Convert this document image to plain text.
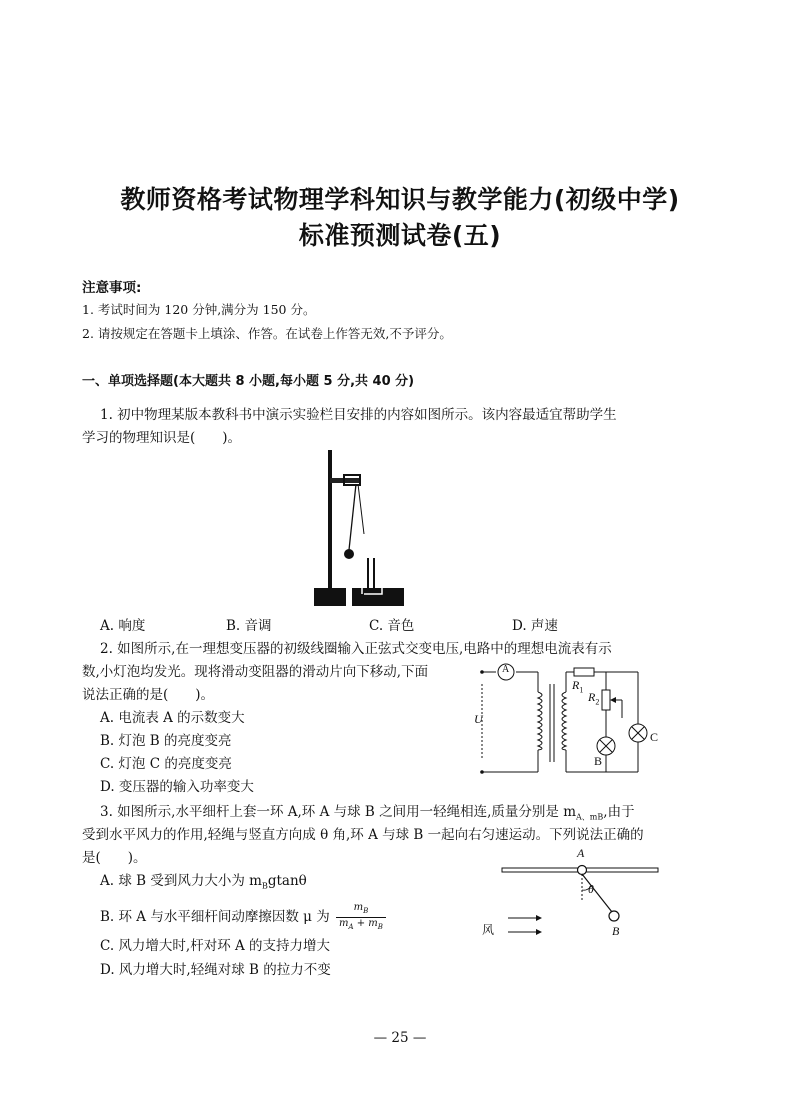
教师资格考试物理学科知识与教学能力(初级中学)
标准预测试卷(五)
注意事项:
1. 考试时间为 120 分钟,满分为 150 分。
2. 请按规定在答题卡上填涂、作答。在试卷上作答无效,不予评分。
一、单项选择题(本大题共 8 小题,每小题 5 分,共 40 分)
1. 初中物理某版本教科书中演示实验栏目安排的内容如图所示。该内容最适宜帮助学生
学习的物理知识是(　　)。
A. 响度	B. 音调	C. 音色	D. 声速
2. 如图所示,在一理想变压器的初级线圈输入正弦式交变电压,电路中的理想电流表有示
数,小灯泡均发光。现将滑动变阻器的滑动片向下移动,下面
说法正确的是(　　)。
A. 电流表 A 的示数变大
B. 灯泡 B 的亮度变亮
C. 灯泡 C 的亮度变亮
D. 变压器的输入功率变大
A
U
$R_1$
$R_2$
B
C
3. 如图所示,水平细杆上套一环 A,环 A 与球 B 之间用一轻绳相连,质量分别是 $m_{A、mB}$,由于
受到水平风力的作用,轻绳与竖直方向成 θ 角,环 A 与球 B 一起向右匀速运动。下列说法正确的
是(　　)。
A. 球 B 受到风力大小为 $m_Bgtan\theta$
B. 环 A 与水平细杆间动摩擦因数 μ 为 $\frac{m_B}{m_A + m_B}$
C. 风力增大时,杆对环 A 的支持力增大
D. 风力增大时,轻绳对球 B 的拉力不变
A
θ
B
风
— 25 —
